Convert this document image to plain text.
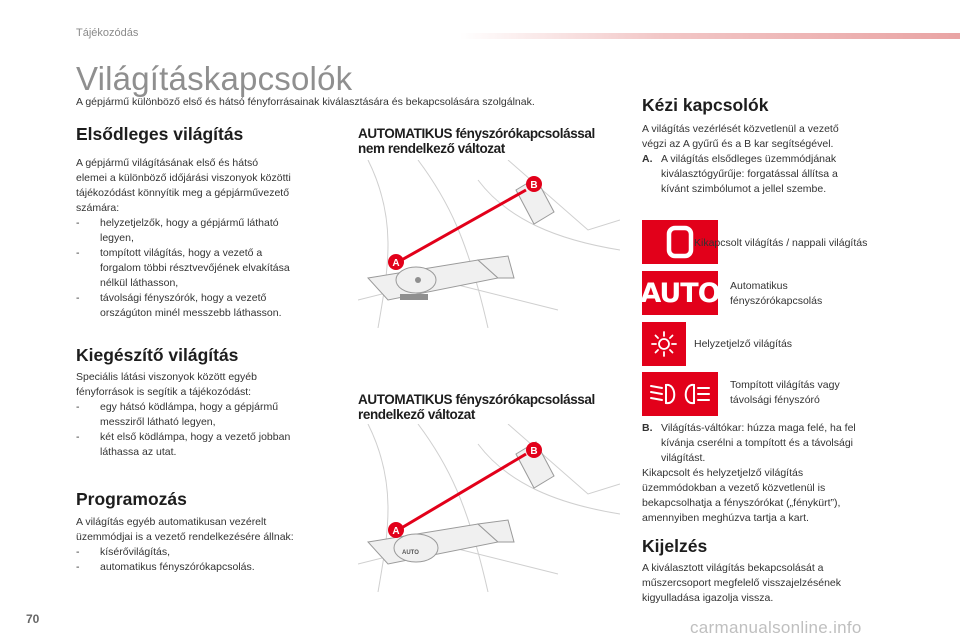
Tájékozódás
Világításkapcsolók
A gépjármű különböző első és hátsó fényforrásainak kiválasztására és bekapcsolására szolgálnak.
Elsődleges világítás
A gépjármű világításának első és hátsó
elemei a különböző időjárási viszonyok közötti
tájékozódást könnyítik meg a gépjárművezető
számára:
-	helyzetjelzők, hogy a gépjármű látható
legyen,
-	tompított világítás, hogy a vezető a
forgalom többi résztvevőjének elvakítása
nélkül láthasson,
-	távolsági fényszórók, hogy a vezető
országúton minél messzebb láthasson.
Kiegészítő világítás
Speciális látási viszonyok között egyéb
fényforrások is segítik a tájékozódást:
-	egy hátsó ködlámpa, hogy a gépjármű
messziről látható legyen,
-	két első ködlámpa, hogy a vezető jobban
láthassa az utat.
Programozás
A világítás egyéb automatikusan vezérelt
üzemmódjai is a vezető rendelkezésére állnak:
-	kísérővilágítás,
-	automatikus fényszórókapcsolás.
AUTOMATIKUS fényszórókapcsolással
nem rendelkező változat
A
B
AUTOMATIKUS fényszórókapcsolással
rendelkező változat
AUTO
A
B
Kézi kapcsolók
A világítás vezérlését közvetlenül a vezető
végzi az A gyűrű és a B kar segítségével.
A. A világítás elsődleges üzemmódjának
kiválasztógyűrűje: forgatással állítsa a
kívánt szimbólumot a jellel szembe.
Kikapcsolt világítás / nappali világítás
AUTO Automatikus
fényszórókapcsolás
Helyzetjelző világítás
Tompított világítás vagy
távolsági fényszóró
B. Világítás-váltókar: húzza maga felé, ha fel
kívánja cserélni a tompított és a távolsági
világítást.
Kikapcsolt és helyzetjelző világítás
üzemmódokban a vezető közvetlenül is
bekapcsolhatja a fényszórókat („fénykürt”),
amennyiben meghúzva tartja a kart.
Kijelzés
A kiválasztott világítás bekapcsolását a
műszercsoport megfelelő visszajelzésének
kigyulladása igazolja vissza.
70	carmanualsonline.info
